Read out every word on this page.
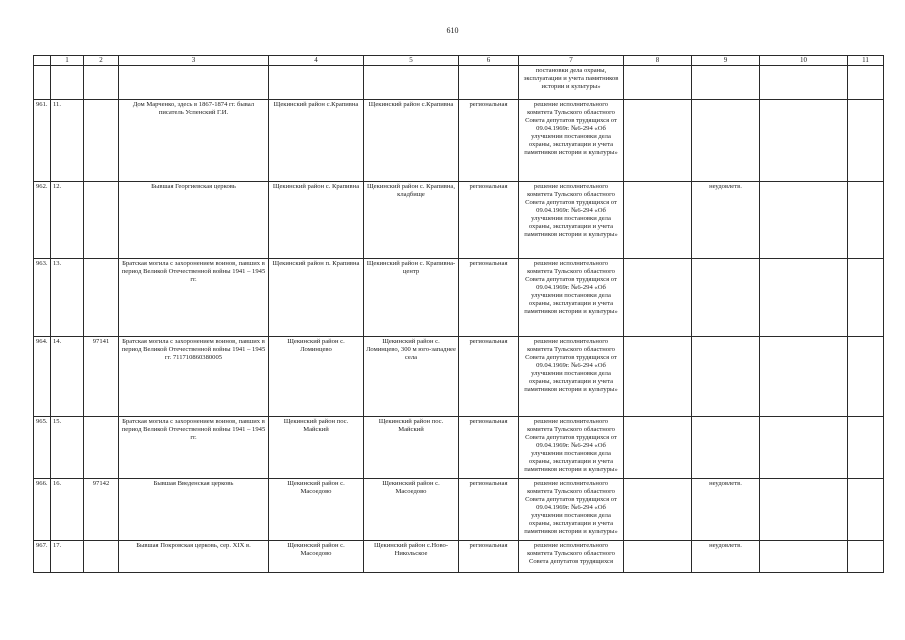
610
	1	2	3	4	5	6	7	8	9	10	11
							постановки дела охраны, эксплуатации и учета памятников истории и культуры»				
961.	11.		Дом Марченко, здесь в 1867-1874 гг. бывал писатель Успенский Г.И.	Щекинский район с.Крапивна	Щекинский район с.Крапивна	региональная	решение исполнительного комитета Тульского областного Совета депутатов трудящихся от 09.04.1969г. №6-294 «Об улучшении постановки дела охраны, эксплуатации и учета памятников истории и культуры»				
962.	12.		Бывшая Георгиевская церковь	Щекинский район с. Крапивна	Щекинский район с. Крапивна, кладбище	региональная	решение исполнительного комитета Тульского областного Совета депутатов трудящихся от 09.04.1969г. №6-294 «Об улучшении постановки дела охраны, эксплуатации и учета памятников истории и культуры»		неудовлетв.		
963.	13.		Братская могила с захоронением воинов, павших в период Великой Отечественной войны 1941 – 1945 гг.	Щекинский район п. Крапивна	Щекинский район с. Крапивна-центр	региональная	решение исполнительного комитета Тульского областного Совета депутатов трудящихся от 09.04.1969г. №6-294 «Об улучшении постановки дела охраны, эксплуатации и учета памятников истории и культуры»				
964.	14.	97141	Братская могила с захоронением воинов, павших в период Великой Отечественной войны 1941 – 1945 гг. 711710860380005	Щекинский район с. Ломинцево	Щекинский район с. Ломинцево, 300 м юго-западнее села	региональная	решение исполнительного комитета Тульского областного Совета депутатов трудящихся от 09.04.1969г. №6-294 «Об улучшении постановки дела охраны, эксплуатации и учета памятников истории и культуры»				
965.	15.		Братская могила с захоронением воинов, павших в период Великой Отечественной войны 1941 – 1945 гг.	Щекинский район пос. Майский	Щекинский район пос. Майский	региональная	решение исполнительного комитета Тульского областного Совета депутатов трудящихся от 09.04.1969г. №6-294 «Об улучшении постановки дела охраны, эксплуатации и учета памятников истории и культуры»				
966.	16.	97142	Бывшая Введенская церковь	Щекинский район с. Масоедово	Щекинский район с. Масоедово	региональная	решение исполнительного комитета Тульского областного Совета депутатов трудящихся от 09.04.1969г. №6-294 «Об улучшении постановки дела охраны, эксплуатации и учета памятников истории и культуры»		неудовлетв.		
967.	17.		Бывшая Покровская церковь, сер. XIX в.	Щекинский район с. Масоедово	Щекинский район с.Ново-Никольское	региональная	решение исполнительного комитета Тульского областного Совета депутатов трудящихся		неудовлетв.		
